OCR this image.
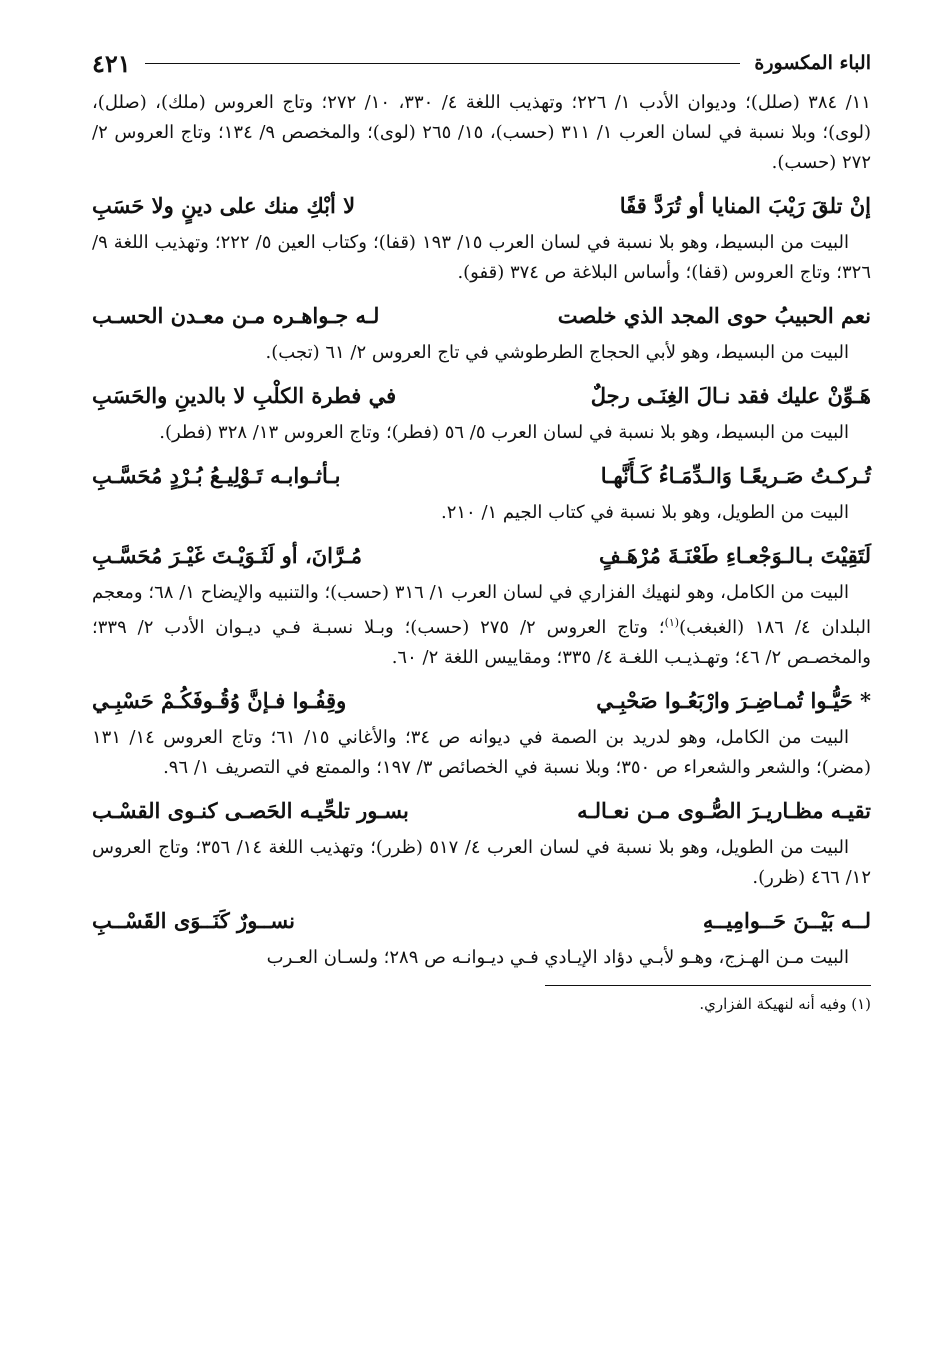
الباء المكسورة
٤٢١

١١/ ٣٨٤ (صلل)؛ وديوان الأدب ١/ ٢٢٦؛ وتهذيب اللغة ٤/ ٣٣٠، ١٠/ ٢٧٢؛ وتاج العروس (ملك)، (صلل)، (لوى)؛ وبلا نسبة في لسان العرب ١/ ٣١١ (حسب)، ١٥/ ٢٦٥ (لوى)؛ والمخصص ٩/ ١٣٤؛ وتاج العروس ٢/ ٢٧٢ (حسب).

إنْ تلقَ رَيْبَ المنايا أو تُرَدَّ قفًا
لا أبْكِ منك على دينٍ ولا حَسَبِ

البيت من البسيط، وهو بلا نسبة في لسان العرب ١٥/ ١٩٣ (قفا)؛ وكتاب العين ٥/ ٢٢٢؛ وتهذيب اللغة ٩/ ٣٢٦؛ وتاج العروس (قفا)؛ وأساس البلاغة ص ٣٧٤ (قفو).

نعم الحبيبُ حوى المجد الذي خلصت
لـه جـواهـره مـن معـدن الحسـب

البيت من البسيط، وهو لأبي الحجاج الطرطوشي في تاج العروس ٢/ ٦١ (تجب).

هَـوِّنْ عليك فقد نـالَ الغِنَـى رجلٌ
في فطرة الكلْبِ لا بالدينِ والحَسَبِ

البيت من البسيط، وهو بلا نسبة في لسان العرب ٥/ ٥٦ (فطر)؛ وتاج العروس ١٣/ ٣٢٨ (فطر).

تُـركـتُ صَـريعًـا وَالـدِّمَـاءُ كَـأَنَّهـا
بـأثـوابـه تَـوْلِيـعُ بُـرْدٍ مُحَسَّـبِ

البيت من الطويل، وهو بلا نسبة في كتاب الجيم ١/ ٢١٠.

لَتَقِيْتَ بـالـوَجْعـاءِ طَعْنَـةَ مُرْهَـفٍ
مُـرَّانَ، أو لَثَـوَيْـتَ غَيْـرَ مُحَسَّـبِ

البيت من الكامل، وهو لنهيك الفزاري في لسان العرب ١/ ٣١٦ (حسب)؛ والتنبيه والإيضاح ١/ ٦٨؛ ومعجم البلدان ٤/ ١٨٦ (الغبغب)$^{(١)}$؛ وتاج العروس ٢/ ٢٧٥ (حسب)؛ وبـلا نسبـة فـي ديـوان الأدب ٢/ ٣٣٩؛ والمخصـص ٢/ ٤٦؛ وتهـذيـب اللغـة ٤/ ٣٣٥؛ ومقاييس اللغة ٢/ ٦٠.

* حَيُّـوا تُمـاضِـرَ وارْبَعُـوا صَحْبِـي
وقِفُـوا فـإنَّ وُقُـوفَكُـمْ حَسْبِـي

البيت من الكامل، وهو لدريد بن الصمة في ديوانه ص ٣٤؛ والأغاني ١٥/ ٦١؛ وتاج العروس ١٤/ ١٣١ (مضر)؛ والشعر والشعراء ص ٣٥٠؛ وبلا نسبة في الخصائص ٣/ ١٩٧؛ والممتع في التصريف ١/ ٩٦.

تقيـه مظـاريـرَ الصُّـوى مـن نعـالـه
بسـور تلحِّيـه الحَصـى كنـوى القسْـب

البيت من الطويل، وهو بلا نسبة في لسان العرب ٤/ ٥١٧ (ظرر)؛ وتهذيب اللغة ١٤/ ٣٥٦؛ وتاج العروس ١٢/ ٤٦٦ (ظرر).

لــه بَيْــنَ حَــوامِيــهِ
نســورٌ كَنَــوَى القَسْــبِ

البيت مـن الهـزج، وهـو لأبـي دؤاد الإيـادي فـي ديـوانـه ص ٢٨٩؛ ولسـان العـرب

(١) وفيه أنه لنهيكة الفزاري.
